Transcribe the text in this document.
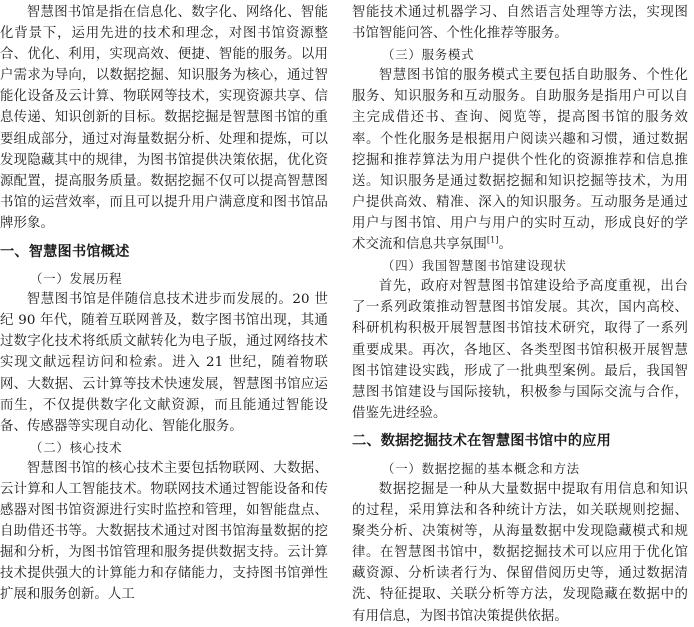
智慧图书馆是指在信息化、数字化、网络化、智能化背景下，运用先进的技术和理念，对图书馆资源整合、优化、利用，实现高效、便捷、智能的服务。以用户需求为导向，以数据挖掘、知识服务为核心，通过智能化设备及云计算、物联网等技术，实现资源共享、信息传递、知识创新的目标。数据挖掘是智慧图书馆的重要组成部分，通过对海量数据分析、处理和提炼，可以发现隐藏其中的规律，为图书馆提供决策依据，优化资源配置，提高服务质量。数据挖掘不仅可以提高智慧图书馆的运营效率，而且可以提升用户满意度和图书馆品牌形象。

一、智慧图书馆概述
（一）发展历程

智慧图书馆是伴随信息技术进步而发展的。20 世纪 90 年代，随着互联网普及，数字图书馆出现，其通过数字化技术将纸质文献转化为电子版，通过网络技术实现文献远程访问和检索。进入 21 世纪，随着物联网、大数据、云计算等技术快速发展，智慧图书馆应运而生，不仅提供数字化文献资源，而且能通过智能设备、传感器等实现自动化、智能化服务。

（二）核心技术

智慧图书馆的核心技术主要包括物联网、大数据、云计算和人工智能技术。物联网技术通过智能设备和传感器对图书馆资源进行实时监控和管理，如智能盘点、自助借还书等。大数据技术通过对图书馆海量数据的挖掘和分析，为图书馆管理和服务提供数据支持。云计算技术提供强大的计算能力和存储能力，支持图书馆弹性扩展和服务创新。人工

智能技术通过机器学习、自然语言处理等方法，实现图书馆智能问答、个性化推荐等服务。

（三）服务模式

智慧图书馆的服务模式主要包括自助服务、个性化服务、知识服务和互动服务。自助服务是指用户可以自主完成借还书、查询、阅览等，提高图书馆的服务效率。个性化服务是根据用户阅读兴趣和习惯，通过数据挖掘和推荐算法为用户提供个性化的资源推荐和信息推送。知识服务是通过数据挖掘和知识挖掘等技术，为用户提供高效、精准、深入的知识服务。互动服务是通过用户与图书馆、用户与用户的实时互动，形成良好的学术交流和信息共享氛围[1]。

（四）我国智慧图书馆建设现状

首先，政府对智慧图书馆建设给予高度重视，出台了一系列政策推动智慧图书馆发展。其次，国内高校、科研机构积极开展智慧图书馆技术研究，取得了一系列重要成果。再次，各地区、各类型图书馆积极开展智慧图书馆建设实践，形成了一批典型案例。最后，我国智慧图书馆建设与国际接轨，积极参与国际交流与合作，借鉴先进经验。

二、数据挖掘技术在智慧图书馆中的应用
（一）数据挖掘的基本概念和方法

数据挖掘是一种从大量数据中提取有用信息和知识的过程，采用算法和各种统计方法，如关联规则挖掘、聚类分析、决策树等，从海量数据中发现隐藏模式和规律。在智慧图书馆中，数据挖掘技术可以应用于优化馆藏资源、分析读者行为、保留借阅历史等，通过数据清洗、特征提取、关联分析等方法，发现隐藏在数据中的有用信息，为图书馆决策提供依据。
